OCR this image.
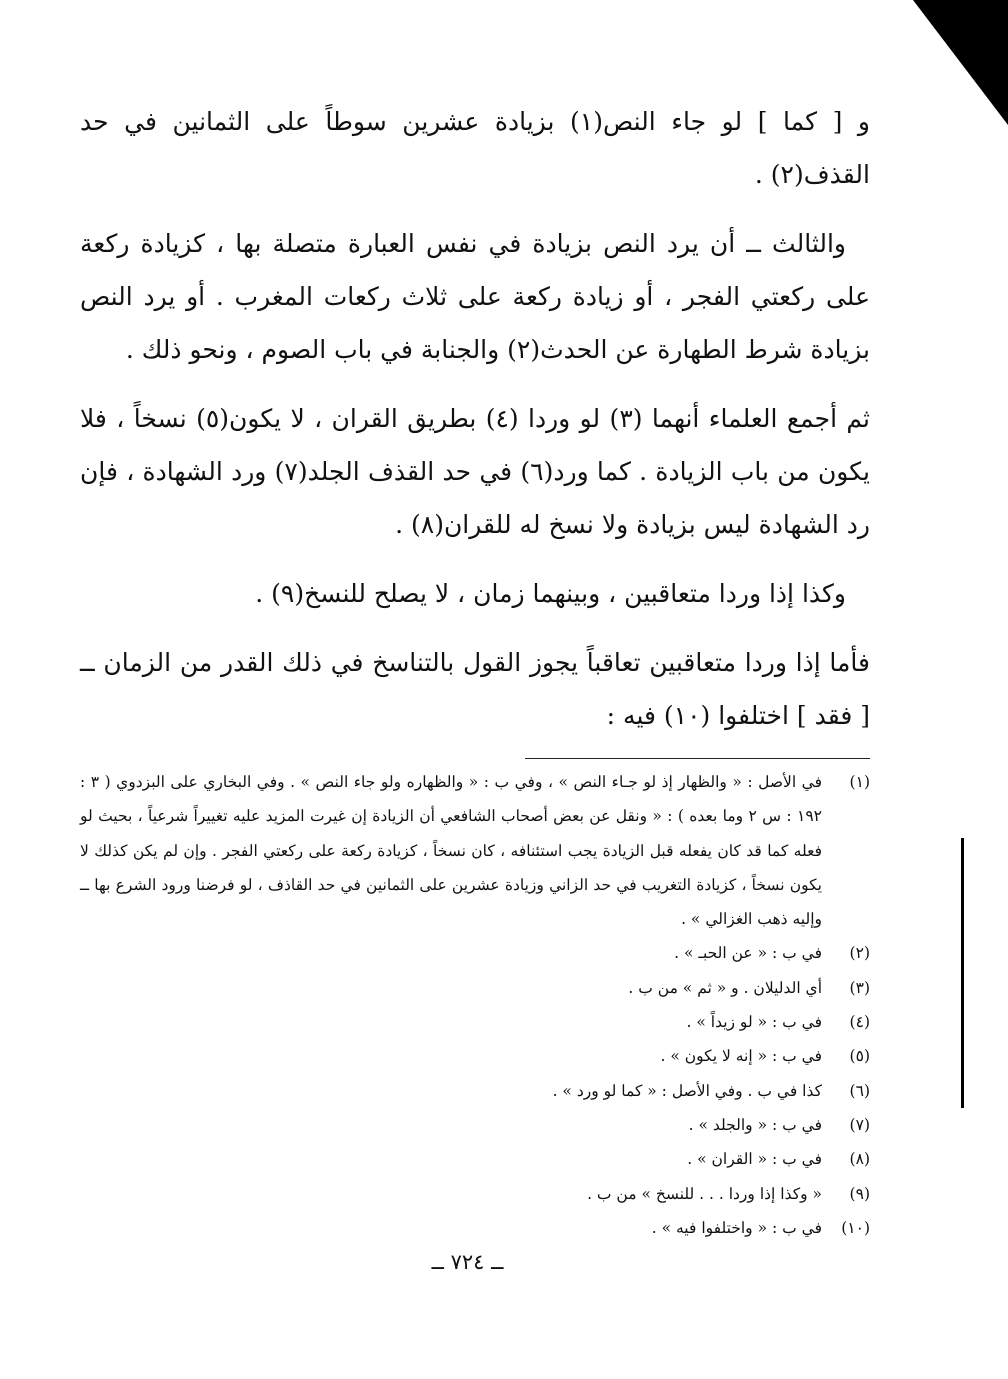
و [ كما ] لو جاء النص(١) بزيادة عشرين سوطاً على الثمانين في حد القذف(٢) .

والثالث ــ أن يرد النص بزيادة في نفس العبارة متصلة بها ، كزيادة ركعة على ركعتي الفجر ، أو زيادة ركعة على ثلاث ركعات المغرب . أو يرد النص بزيادة شرط الطهارة عن الحدث(٢) والجنابة في باب الصوم ، ونحو ذلك .

ثم أجمع العلماء أنهما (٣) لو وردا (٤) بطريق القران ، لا يكون(٥) نسخاً ، فلا يكون من باب الزيادة . كما ورد(٦) في حد القذف الجلد(٧) ورد الشهادة ، فإن رد الشهادة ليس بزيادة ولا نسخ له للقران(٨) .

وكذا إذا وردا متعاقبين ، وبينهما زمان ، لا يصلح للنسخ(٩) .

فأما إذا وردا متعاقبين تعاقباً يجوز القول بالتناسخ في ذلك القدر من الزمان ــ [ فقد ] اختلفوا (١٠) فيه :

(١)في الأصل : « والظهار إذ لو جـاء النص » ، وفي ب : « والظهاره ولو جاء النص » . وفي البخاري على البزدوي ( ٣ : ١٩٢ : س ٢ وما بعده ) : « ونقل عن بعض أصحاب الشافعي أن الزيادة إن غيرت المزيد عليه تغييراً شرعياً ، بحيث لو فعله كما قد كان يفعله قبل الزيادة يجب استئنافه ، كان نسخاً ، كزيادة ركعة على ركعتي الفجر . وإن لم يكن كذلك لا يكون نسخاً ، كزيادة التغريب في حد الزاني وزيادة عشرين على الثمانين في حد القاذف ، لو فرضنا ورود الشرع بها ــ وإليه ذهب الغزالي » .

(٢)في ب : « عن الحبـ » .

(٣)أي الدليلان . و « ثم » من ب .

(٤)في ب : « لو زيداً » .

(٥)في ب : « إنه لا يكون » .

(٦)كذا في ب . وفي الأصل : « كما لو ورد » .

(٧)في ب : « والجلد » .

(٨)في ب : « القران » .

(٩)« وكذا إذا وردا . . . للنسخ » من ب .

(١٠)في ب : « واختلفوا فيه » .

ــ ٧٢٤ ــ
